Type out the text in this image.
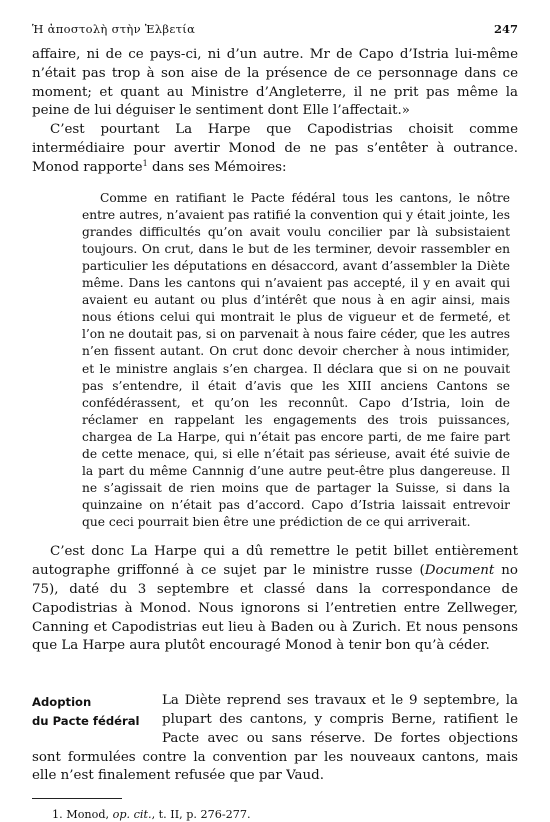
Ἡ ἀποστολὴ στὴν Ἑλβετία	247

affaire, ni de ce pays-ci, ni d’un autre. Mr de Capo d’Istria lui-même n’était pas trop à son aise de la présence de ce personnage dans ce moment; et quant au Ministre d’Angleterre, il ne prit pas même la peine de lui déguiser le sentiment dont Elle l’affectait.»

C’est pourtant La Harpe que Capodistrias choisit comme intermédiaire pour avertir Monod de ne pas s’entêter à outrance. Monod rapporte$^1$ dans ses Mémoires:

Comme en ratifiant le Pacte fédéral tous les cantons, le nôtre entre autres, n’avaient pas ratifié la convention qui y était jointe, les grandes difficultés qu’on avait voulu concilier par là subsistaient toujours. On crut, dans le but de les terminer, devoir rassembler en particulier les députations en désaccord, avant d’assembler la Diète même. Dans les cantons qui n’avaient pas accepté, il y en avait qui avaient eu autant ou plus d’intérêt que nous à en agir ainsi, mais nous étions celui qui montrait le plus de vigueur et de fermeté, et l’on ne doutait pas, si on parvenait à nous faire céder, que les autres n’en fissent autant. On crut donc devoir chercher à nous intimider, et le ministre anglais s’en chargea. Il déclara que si on ne pouvait pas s’entendre, il était d’avis que les XIII anciens Cantons se confédérassent, et qu’on les reconnût. Capo d’Istria, loin de réclamer en rappelant les engagements des trois puissances, chargea de La Harpe, qui n’était pas encore parti, de me faire part de cette menace, qui, si elle n’était pas sérieuse, avait été suivie de la part du même Cannnig d’une autre peut-être plus dangereuse. Il ne s’agissait de rien moins que de partager la Suisse, si dans la quinzaine on n’était pas d’accord. Capo d’Istria laissait entrevoir que ceci pourrait bien être une prédiction de ce qui arriverait.

C’est donc La Harpe qui a dû remettre le petit billet entièrement autographe griffonné à ce sujet par le ministre russe (Document no 75), daté du 3 septembre et classé dans la correspondance de Capodistrias à Monod. Nous ignorons si l’entretien entre Zellweger, Canning et Capodistrias eut lieu à Baden ou à Zurich. Et nous pensons que La Harpe aura plutôt encouragé Monod à tenir bon qu’à céder.

Adoption
du Pacte fédéral

La Diète reprend ses travaux et le 9 septembre, la plupart des cantons, y compris Berne, ratifient le Pacte avec ou sans réserve. De fortes objections sont formulées contre la convention par les nouveaux cantons, mais elle n’est finalement refusée que par Vaud.

1. Monod, op. cit., t. II, p. 276-277.
